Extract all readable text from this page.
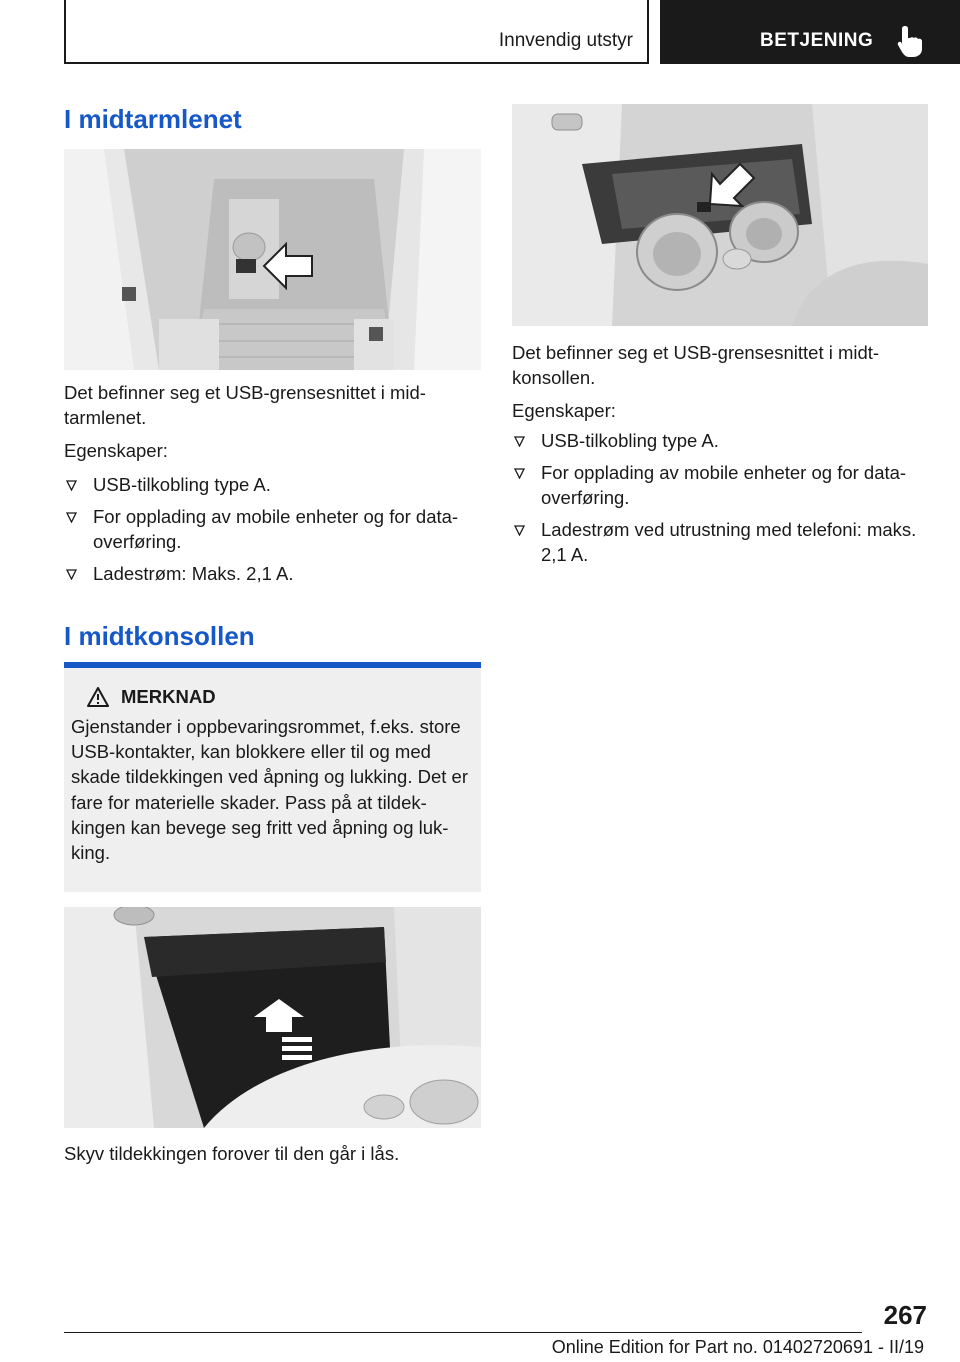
Innvendig utstyr	BETJENING
I midtarmlenet

Det befinner seg et USB-grensesnittet i mid-tarmlenet.

Egenskaper:

USB-tilkobling type A.
For opplading av mobile enheter og for data-overføring.
Ladestrøm: Maks. 2,1 A.
I midtkonsollen
MERKNAD
Gjenstander i oppbevaringsrommet, f.eks. store USB-kontakter, kan blokkere eller til og med skade tildekkingen ved åpning og lukking. Det er fare for materielle skader. Pass på at tildek-kingen kan bevege seg fritt ved åpning og luk-king.

Skyv tildekkingen forover til den går i lås.

Det befinner seg et USB-grensesnittet i midt-konsollen.

Egenskaper:

USB-tilkobling type A.
For opplading av mobile enheter og for data-overføring.
Ladestrøm ved utrustning med telefoni: maks. 2,1 A.
267
Online Edition for Part no. 01402720691 - II/19
